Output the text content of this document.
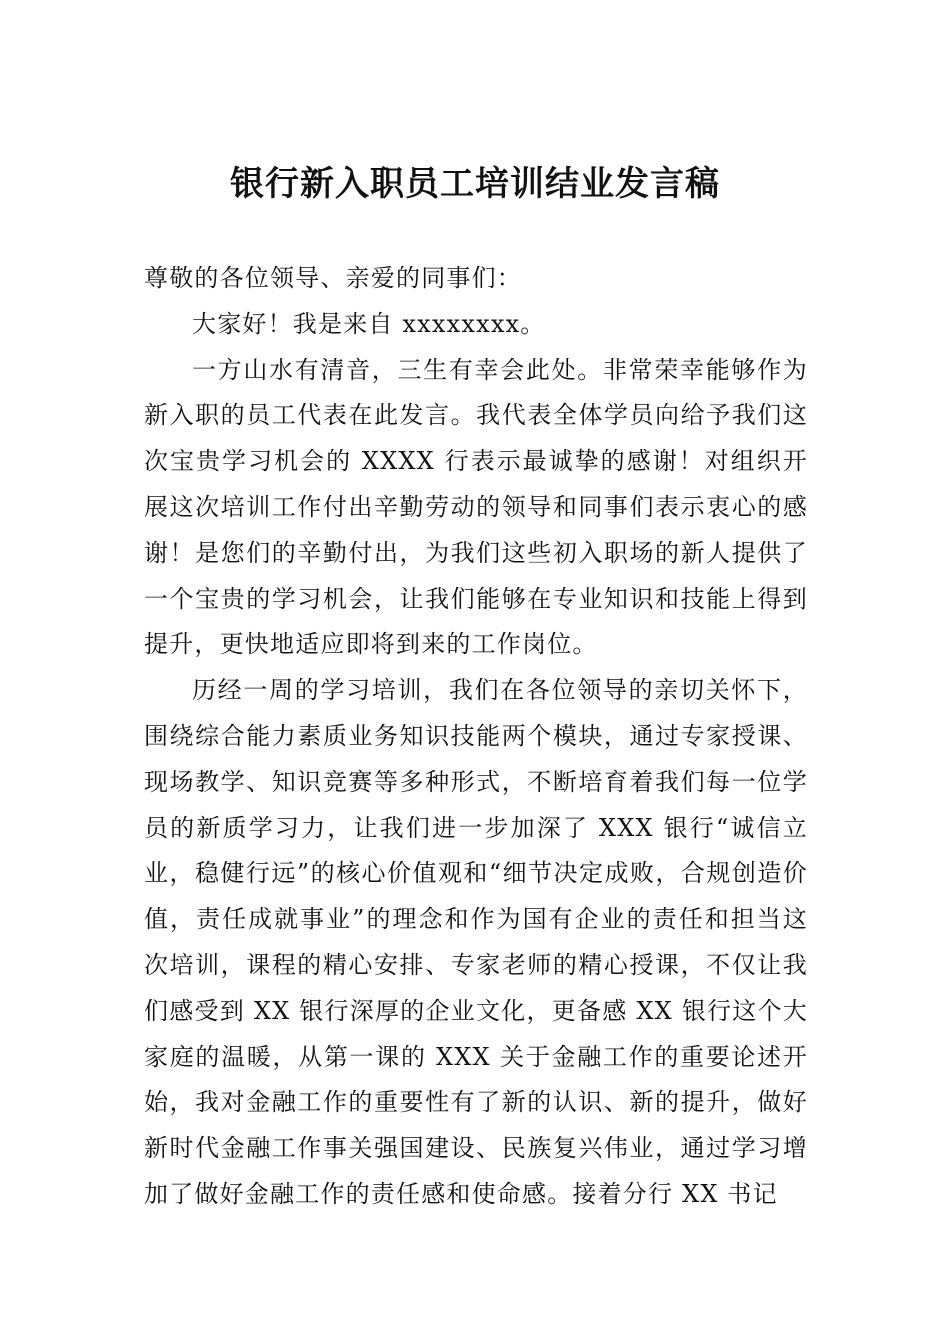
银行新入职员工培训结业发言稿

尊敬的各位领导、亲爱的同事们：

大家好！我是来自 xxxxxxxx。

一方山水有清音，三生有幸会此处。非常荣幸能够作为新入职的员工代表在此发言。我代表全体学员向给予我们这次宝贵学习机会的 XXXX 行表示最诚挚的感谢！对组织开展这次培训工作付出辛勤劳动的领导和同事们表示衷心的感谢！是您们的辛勤付出，为我们这些初入职场的新人提供了一个宝贵的学习机会，让我们能够在专业知识和技能上得到提升，更快地适应即将到来的工作岗位。

历经一周的学习培训，我们在各位领导的亲切关怀下，围绕综合能力素质业务知识技能两个模块，通过专家授课、现场教学、知识竞赛等多种形式，不断培育着我们每一位学员的新质学习力，让我们进一步加深了 XXX 银行“诚信立业，稳健行远”的核心价值观和“细节决定成败，合规创造价值，责任成就事业”的理念和作为国有企业的责任和担当这次培训，课程的精心安排、专家老师的精心授课，不仅让我们感受到 XX 银行深厚的企业文化，更备感 XX 银行这个大家庭的温暖，从第一课的 XXX 关于金融工作的重要论述开始，我对金融工作的重要性有了新的认识、新的提升，做好新时代金融工作事关强国建设、民族复兴伟业，通过学习增加了做好金融工作的责任感和使命感。接着分行 XX 书记
